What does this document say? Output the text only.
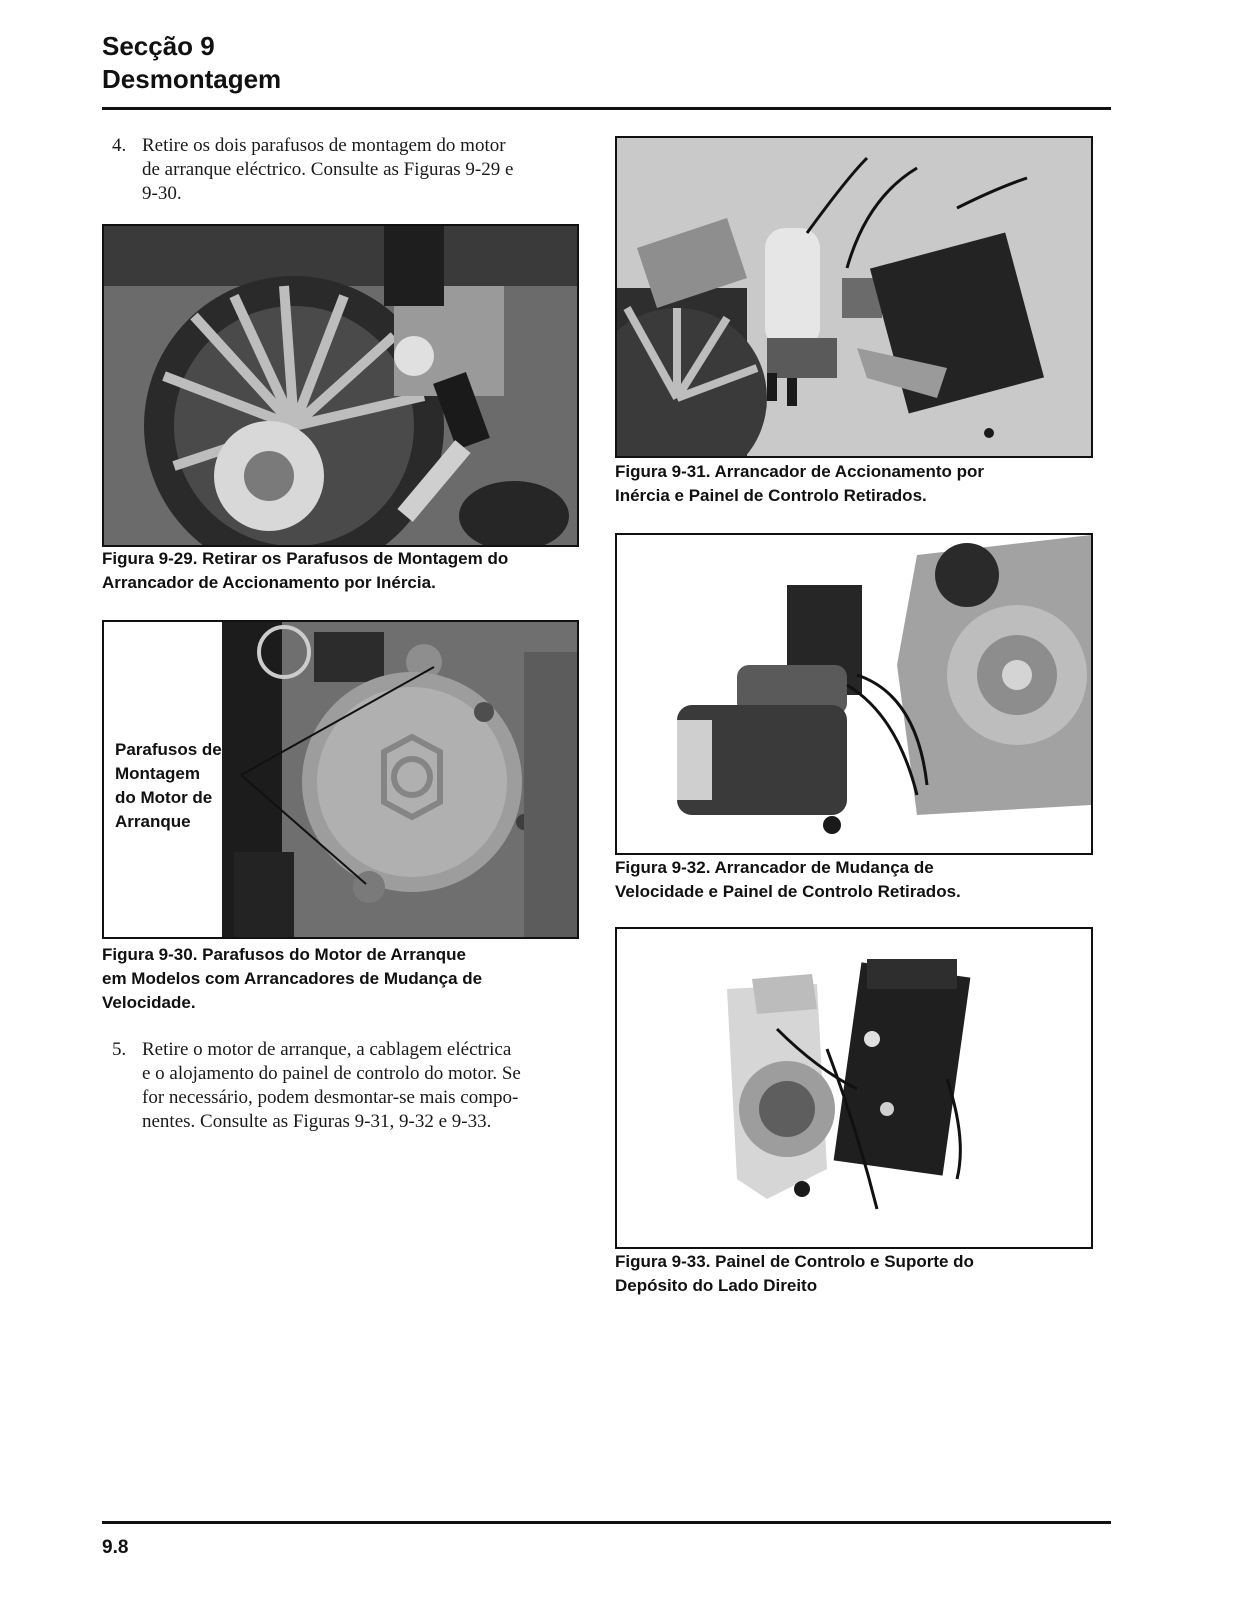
Secção 9
Desmontagem
4. Retire os dois parafusos de montagem do motor
de arranque eléctrico. Consulte as Figuras 9-29 e
9-30.
Figura 9-29. Retirar os Parafusos de Montagem do
Arrancador de Accionamento por Inércia.
Parafusos de
Montagem
do Motor de
Arranque
Figura 9-30. Parafusos do Motor de Arranque
em Modelos com Arrancadores de Mudança de
Velocidade.
5. Retire o motor de arranque, a cablagem eléctrica
e o alojamento do painel de controlo do motor. Se
for necessário, podem desmontar-se mais compo-
nentes. Consulte as Figuras 9-31, 9-32 e 9-33.
Figura 9-31. Arrancador de Accionamento por
Inércia e Painel de Controlo Retirados.
Figura 9-32. Arrancador de Mudança de
Velocidade e Painel de Controlo Retirados.
Figura 9-33. Painel de Controlo e Suporte do
Depósito do Lado Direito
9.8
